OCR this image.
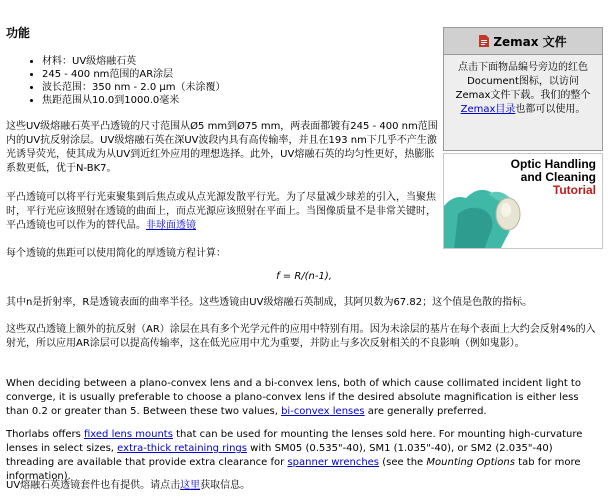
功能
• 材料：UV级熔融石英
• 245 - 400 nm范围的AR涂层
• 波长范围：350 nm - 2.0 µm（未涂覆）
• 焦距范围从10.0到1000.0毫米

这些UV级熔融石英平凸透镜的尺寸范围从Ø5 mm到Ø75 mm，两表面都镀有245 - 400 nm范围内的UV抗反射涂层。UV级熔融石英在深UV波段内具有高传输率，并且在193 nm下几乎不产生激光诱导荧光，使其成为从UV到近红外应用的理想选择。此外，UV熔融石英的均匀性更好，热膨胀系数更低，优于N-BK7。

平凸透镜可以将平行光束聚集到后焦点或从点光源发散平行光。为了尽量减少球差的引入，当聚焦时，平行光应该照射在透镜的曲面上，而点光源应该照射在平面上。当图像质量不是非常关键时，平凸透镜也可以作为的替代品。非球面透镜

每个透镜的焦距可以使用简化的厚透镜方程计算：

f = R/(n-1),

其中n是折射率，R是透镜表面的曲率半径。这些透镜由UV级熔融石英制成，其阿贝数为67.82；这个值是色散的指标。

这些双凸透镜上额外的抗反射（AR）涂层在具有多个光学元件的应用中特别有用。因为未涂层的基片在每个表面上大约会反射4%的入射光，所以应用AR涂层可以提高传输率，这在低光应用中尤为重要，并防止与多次反射相关的不良影响（例如鬼影）。

When deciding between a plano-convex lens and a bi-convex lens, both of which cause collimated incident light to converge, it is usually preferable to choose a plano-convex lens if the desired absolute magnification is either less than 0.2 or greater than 5. Between these two values, bi-convex lenses are generally preferred.

Thorlabs offers fixed lens mounts that can be used for mounting the lenses sold here. For mounting high-curvature lenses in select sizes, extra-thick retaining rings with SM05 (0.535"-40), SM1 (1.035"-40), or SM2 (2.035"-40) threading are available that provide extra clearance for spanner wrenches (see the Mounting Options tab for more information).

UV熔融石英透镜套件也有提供。请点击这里获取信息。

Zemax 文件
点击下面物品编号旁边的红色Document图标，以访问Zemax文件下载。我们的整个Zemax目录也都可以使用。
Optic Handling
and Cleaning
Tutorial
